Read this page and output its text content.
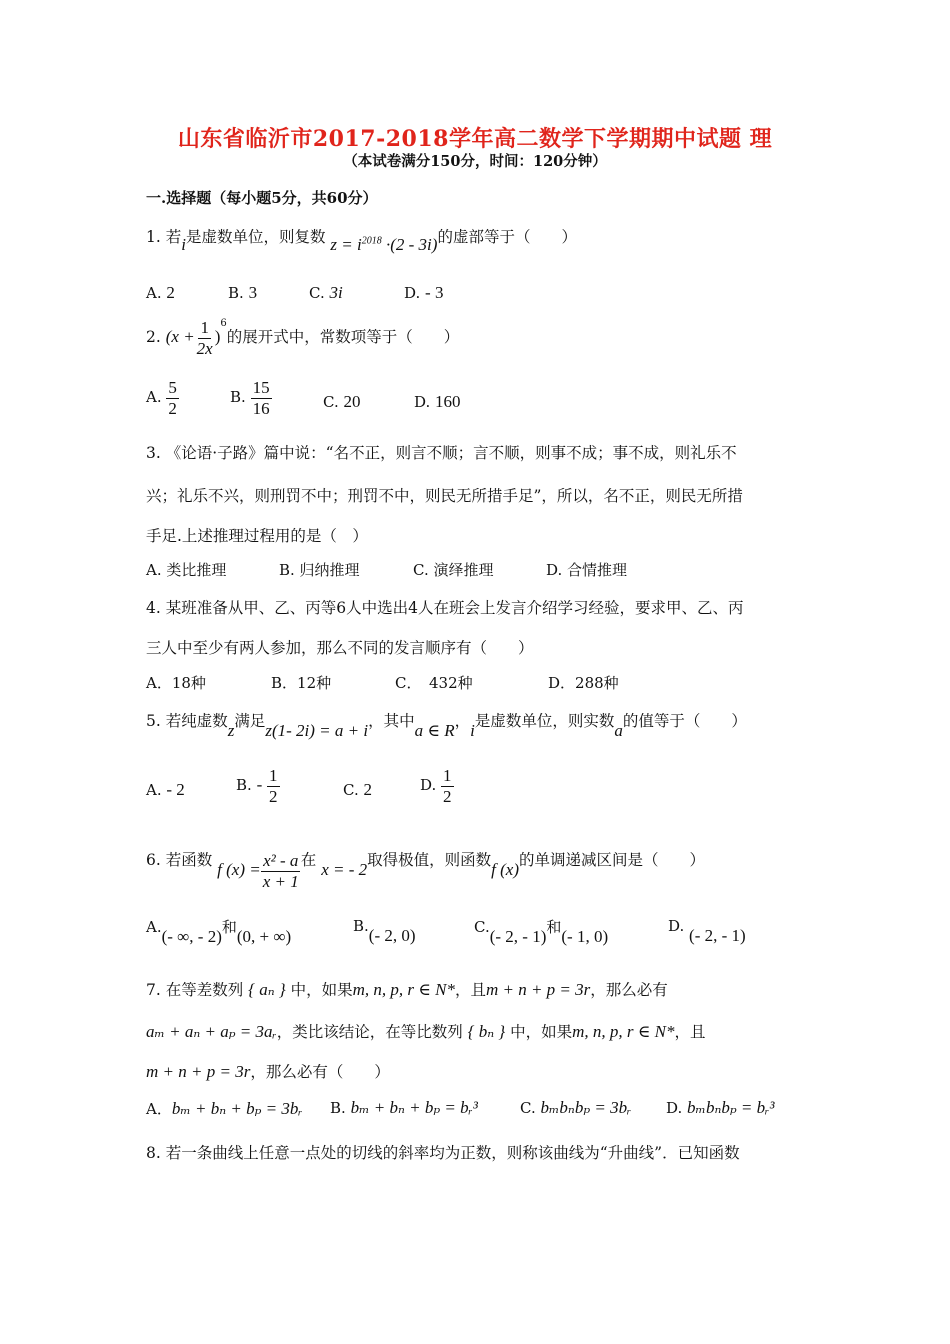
山东省临沂市2017-2018学年高二数学下学期期中试题 理
（本试卷满分150分，时间：120分钟）
一.选择题（每小题5分，共60分）
1. 若i是虚数单位，则复数 $z = i^{2018} \cdot(2 - 3i)$的虚部等于（　　）
A. 2	B. 3	C. 3i	D. - 3
2. $(x + \frac{1}{2x} )^6$的展开式中，常数项等于（　　）
A. $\frac{5}{2}$	B. $\frac{15}{16}$	C. 20	D. 160
3. 《论语·子路》篇中说：“名不正，则言不顺；言不顺，则事不成；事不成，则礼乐不
兴；礼乐不兴，则刑罚不中；刑罚不中，则民无所措手足”，所以，名不正，则民无所措
手足.上述推理过程用的是（　）
A. 类比推理	B. 归纳推理	C. 演绎推理	D. 合情推理
4. 某班准备从甲、乙、丙等6人中选出4人在班会上发言介绍学习经验，要求甲、乙、丙
三人中至少有两人参加，那么不同的发言顺序有（　　）
A．18种	B．12种	C．　432种	D．288种
5. 若纯虚数z满足z(1- 2i) = a + i，其中a ∈ R，i是虚数单位，则实数a的值等于（　　）
A. - 2	B. - $\frac{1}{2}$	C. 2	D. $\frac{1}{2}$
6. 若函数 f $(x) = \frac{\text{x² - a}}{x + 1}$ 在 x = - 2取得极值，则函数f (x)的单调递减区间是（　　）
A.(- ∞, - 2)和(0, + ∞)
B.(- 2, 0)	C.(- 2, - 1)和(- 1, 0)
D. (- 2, - 1)
7. 在等差数列 { aₙ } 中，如果m, n, p, r ∈ N*，且m + n + p = 3r，那么必有
aₘ + aₙ + aₚ = 3aᵣ，类比该结论，在等比数列 { bₙ } 中，如果m, n, p, r ∈ N*，且
m + n + p = 3r，那么必有（　　）
A．bₘ + bₙ + bₚ = 3bᵣ B. bₘ + bₙ + bₚ = bᵣ³	C. bₘbₙbₚ = 3bᵣ D. bₘbₙbₚ = bᵣ³
8. 若一条曲线上任意一点处的切线的斜率均为正数，则称该曲线为“升曲线”．已知函数
